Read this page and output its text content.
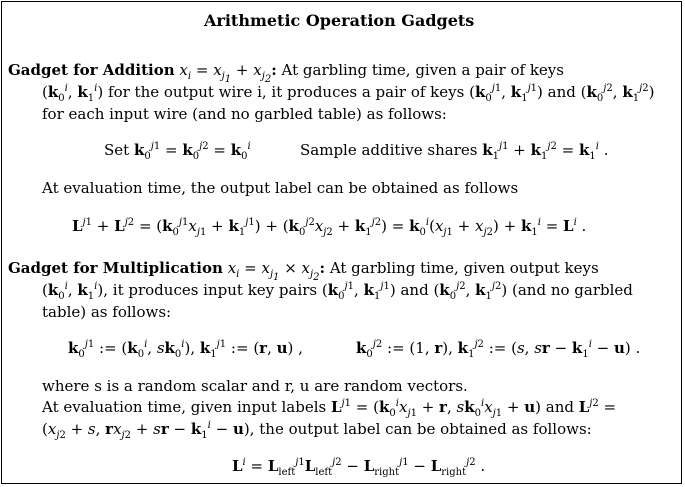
Arithmetic Operation Gadgets
Gadget for Addition $x_i = x_{j_1} + x_{j_2}$: At garbling time, given a pair of keys
($k_0^i$, $k_1^i$) for the output wire i, it produces a pair of keys ($k_0^{j1}$, $k_1^{j1}$) and ($k_0^{j2}$, $k_1^{j2}$)
for each input wire (and no garbled table) as follows:
Set $k_0^{j1} = k_0^{j2} = k_0^i$	Sample additive shares $k_1^{j1} + k_1^{j2} = k_1^i$ .
At evaluation time, the output label can be obtained as follows
$L^{j1} + L^{j2} = (k_0^{j1}x_{j1} + k_1^{j1}) + (k_0^{j2}x_{j2} + k_1^{j2}) = k_0^i(x_{j1} + x_{j2}) + k_1^i = L^i$ .
Gadget for Multiplication $x_i = x_{j_1} \times x_{j_2}$: At garbling time, given output keys
($k_0^i$, $k_1^i$), it produces input key pairs ($k_0^{j1}$, $k_1^{j1}$) and ($k_0^{j2}$, $k_1^{j2}$) (and no garbled
table) as follows:
$k_0^{j1}$ := ($k_0^i$, $sk_0^i$), $k_1^{j1}$ := (r, u) ,	$k_0^{j2}$ := (1, r), $k_1^{j2}$ := (s, sr − $k_1^i - u$) .
where s is a random scalar and r, u are random vectors.
At evaluation time, given input labels $L^{j1} = (k_0^ix_{j1} + r$, $sk_0^ix_{j1} + u$) and $L^{j2}$ =
($x_{j2} + s$, $rx_{j2}$ + sr − $k_1^i - u$), the output label can be obtained as follows:
$L^i = L_{left}^{j1}L_{left}^{j2} - L_{right}^{j1} - L_{right}^{j2}$ .
